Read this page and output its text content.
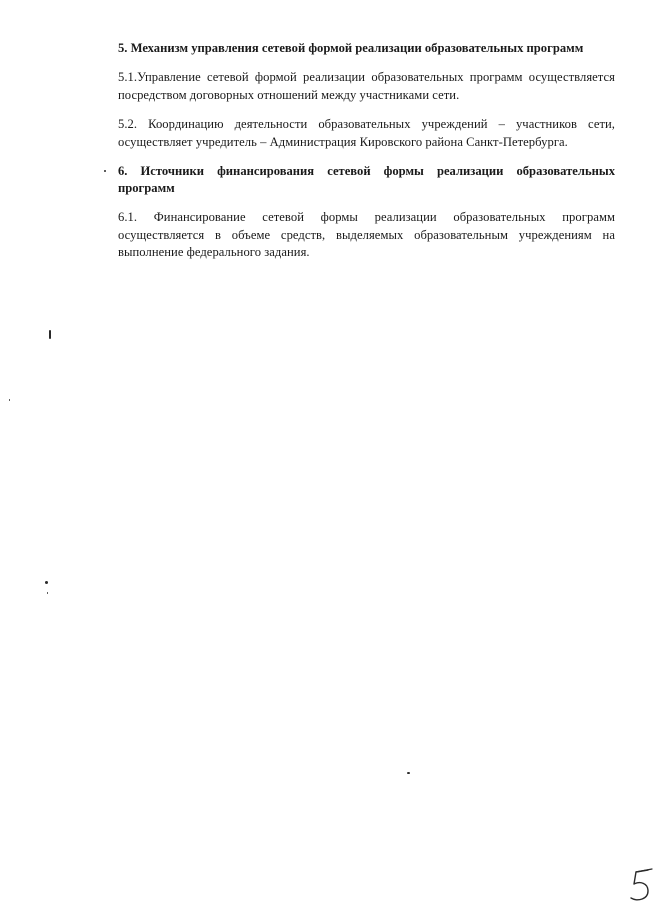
5. Механизм управления сетевой формой реализации образовательных программ
5.1.Управление сетевой формой реализации образовательных программ осуществляется посредством договорных отношений между участниками сети.
5.2. Координацию деятельности образовательных учреждений – участников сети, осуществляет учредитель – Администрация Кировского района Санкт-Петербурга.
6. Источники финансирования сетевой формы реализации образовательных программ
6.1. Финансирование сетевой формы реализации образовательных программ осуществляется в объеме средств, выделяемых образовательным учреждениям на выполнение федерального задания.
